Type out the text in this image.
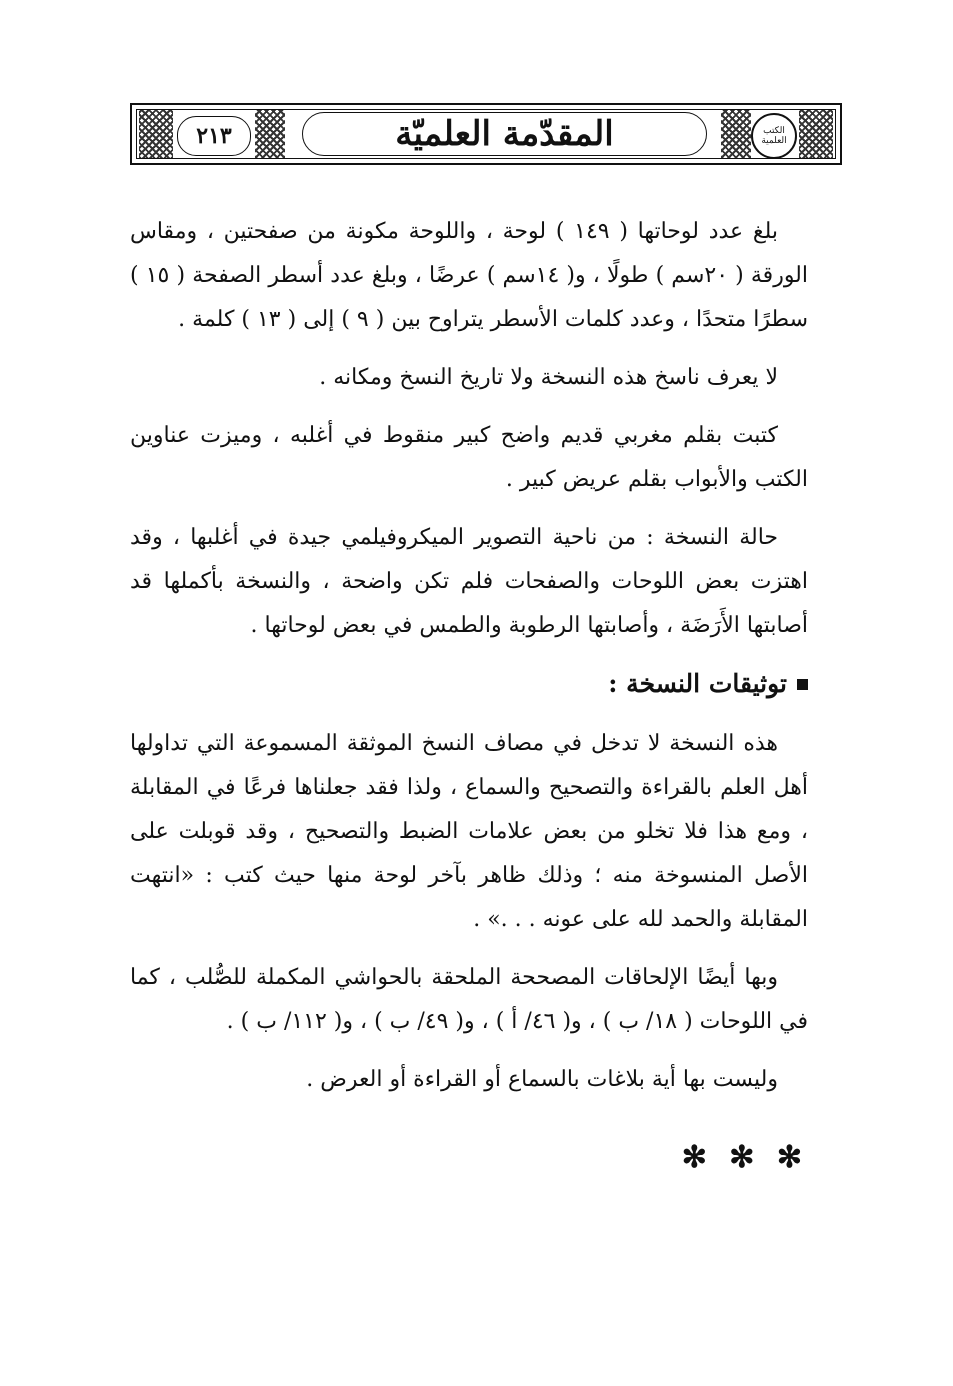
٢١٣	المقدّمة العلميّة	الكتب العلمية

بلغ عدد لوحاتها ( ١٤٩ ) لوحة ، واللوحة مكونة من صفحتين ، ومقاس الورقة ( ٢٠سم ) طولًا ، و( ١٤سم ) عرضًا ، وبلغ عدد أسطر الصفحة ( ١٥ ) سطرًا متحدًا ، وعدد كلمات الأسطر يتراوح بين ( ٩ ) إلى ( ١٣ ) كلمة .

لا يعرف ناسخ هذه النسخة ولا تاريخ النسخ ومكانه .

كتبت بقلم مغربي قديم واضح كبير منقوط في أغلبه ، وميزت عناوين الكتب والأبواب بقلم عريض كبير .

حالة النسخة : من ناحية التصوير الميكروفيلمي جيدة في أغلبها ، وقد اهتزت بعض اللوحات والصفحات فلم تكن واضحة ، والنسخة بأكملها قد أصابتها الأَرَضَة ، وأصابتها الرطوبة والطمس في بعض لوحاتها .

توثيقات النسخة :

هذه النسخة لا تدخل في مصاف النسخ الموثقة المسموعة التي تداولها أهل العلم بالقراءة والتصحيح والسماع ، ولذا فقد جعلناها فرعًا في المقابلة ، ومع هذا فلا تخلو من بعض علامات الضبط والتصحيح ، وقد قوبلت على الأصل المنسوخة منه ؛ وذلك ظاهر بآخر لوحة منها حيث كتب : «انتهت المقابلة والحمد لله على عونه . . .» .

وبها أيضًا الإلحاقات المصححة الملحقة بالحواشي المكملة للصُّلب ، كما في اللوحات ( ١٨/ ب ) ، و( ٤٦/ أ ) ، و( ٤٩/ ب ) ، و( ١١٢/ ب ) .

وليست بها أية بلاغات بالسماع أو القراءة أو العرض .

✻ ✻ ✻
